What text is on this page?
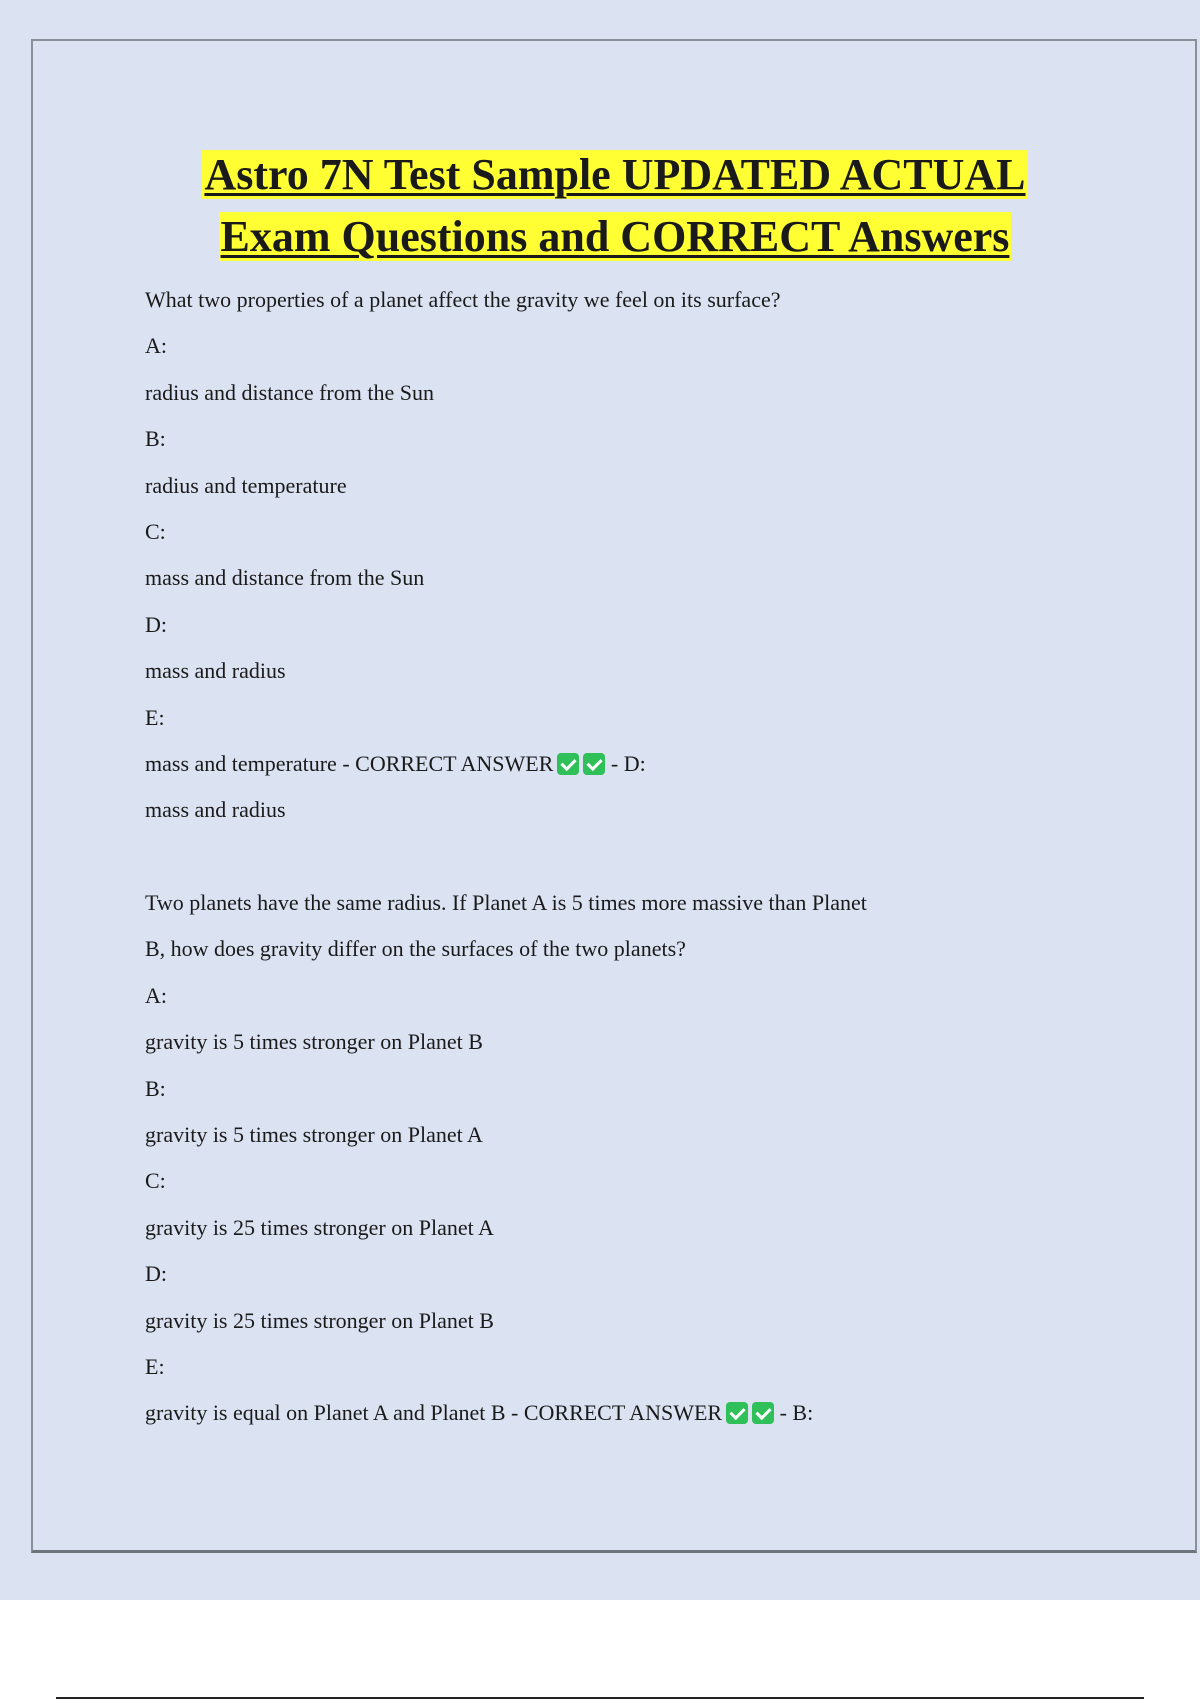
Astro 7N Test Sample UPDATED ACTUAL
Exam Questions and CORRECT Answers
What two properties of a planet affect the gravity we feel on its surface?
A:
radius and distance from the Sun
B:
radius and temperature
C:
mass and distance from the Sun
D:
mass and radius
E:
mass and temperature - CORRECT ANSWER	- D:
mass and radius
Two planets have the same radius. If Planet A is 5 times more massive than Planet
B, how does gravity differ on the surfaces of the two planets?
A:
gravity is 5 times stronger on Planet B
B:
gravity is 5 times stronger on Planet A
C:
gravity is 25 times stronger on Planet A
D:
gravity is 25 times stronger on Planet B
E:
gravity is equal on Planet A and Planet B - CORRECT ANSWER	- B:
